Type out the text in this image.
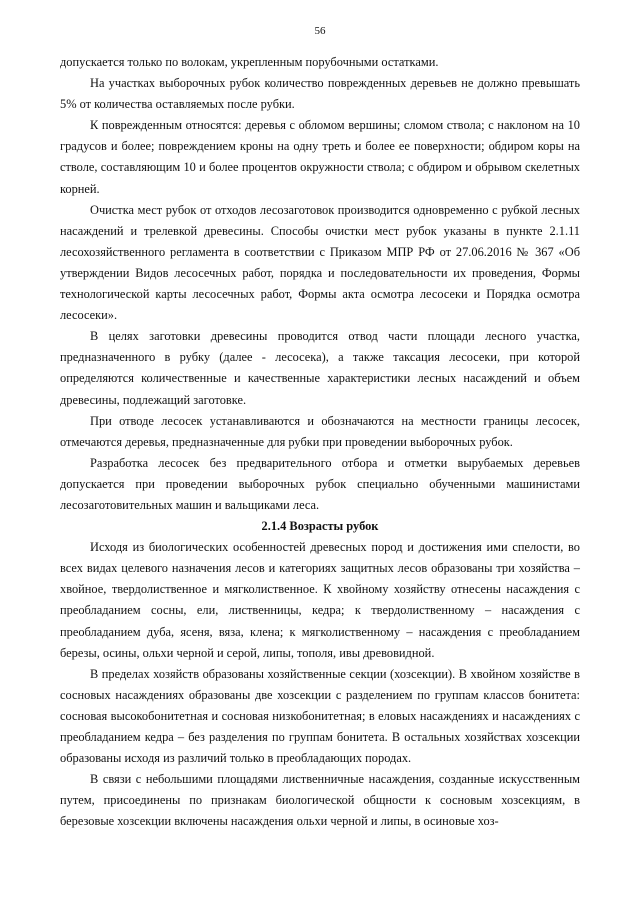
56

допускается только по волокам, укрепленным порубочными остатками.

На участках выборочных рубок количество поврежденных деревьев не должно превышать 5% от количества оставляемых после рубки.

К поврежденным относятся: деревья с обломом вершины; сломом ствола; с наклоном на 10 градусов и более; повреждением кроны на одну треть и более ее поверхности; обдиром коры на стволе, составляющим 10 и более процентов окружности ствола; с обдиром и обрывом скелетных корней.

Очистка мест рубок от отходов лесозаготовок производится одновременно с рубкой лесных насаждений и трелевкой древесины. Способы очистки мест рубок указаны в пункте 2.1.11 лесохозяйственного регламента в соответствии с Приказом МПР РФ от 27.06.2016 № 367 «Об утверждении Видов лесосечных работ, порядка и последовательности их проведения, Формы технологической карты лесосечных работ, Формы акта осмотра лесосеки и Порядка осмотра лесосеки».

В целях заготовки древесины проводится отвод части площади лесного участка, предназначенного в рубку (далее - лесосека), а также таксация лесосеки, при которой определяются количественные и качественные характеристики лесных насаждений и объем древесины, подлежащий заготовке.

При отводе лесосек устанавливаются и обозначаются на местности границы лесосек, отмечаются деревья, предназначенные для рубки при проведении выборочных рубок.

Разработка лесосек без предварительного отбора и отметки вырубаемых деревьев допускается при проведении выборочных рубок специально обученными машинистами лесозаготовительных машин и вальщиками леса.

2.1.4 Возрасты рубок

Исходя из биологических особенностей древесных пород и достижения ими спелости, во всех видах целевого назначения лесов и категориях защитных лесов образованы три хозяйства – хвойное, твердолиственное и мягколиственное. К хвойному хозяйству отнесены насаждения с преобладанием сосны, ели, лиственницы, кедра; к твердолиственному – насаждения с преобладанием дуба, ясеня, вяза, клена; к мягколиственному – насаждения с преобладанием березы, осины, ольхи черной и серой, липы, тополя, ивы древовидной.

В пределах хозяйств образованы хозяйственные секции (хозсекции). В хвойном хозяйстве в сосновых насаждениях образованы две хозсекции с разделением по группам классов бонитета: сосновая высокобонитетная и сосновая низкобонитетная; в еловых насаждениях и насаждениях с преобладанием кедра – без разделения по группам бонитета. В остальных хозяйствах хозсекции образованы исходя из различий только в преобладающих породах.

В связи с небольшими площадями лиственничные насаждения, созданные искусственным путем, присоединены по признакам биологической общности к сосновым хозсекциям, в березовые хозсекции включены насаждения ольхи черной и липы, в осиновые хоз-
